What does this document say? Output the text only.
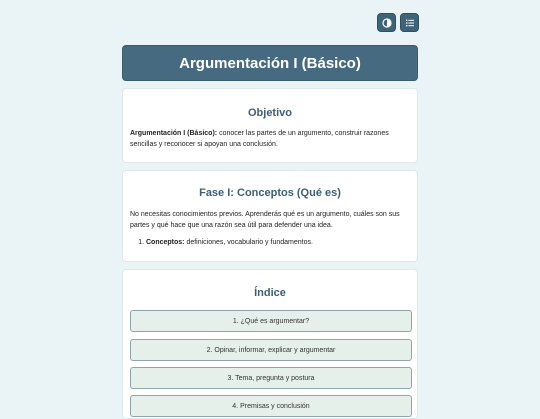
Argumentación I (Básico)
Objetivo

Argumentación I (Básico): conocer las partes de un argumento, construir razones sencillas y reconocer si apoyan una conclusión.

Fase I: Conceptos (Qué es)

No necesitas conocimientos previos. Aprenderás qué es un argumento, cuáles son sus partes y qué hace que una razón sea útil para defender una idea.

1. Conceptos: definiciones, vocabulario y fundamentos.
Índice
1. ¿Qué es argumentar?
2. Opinar, informar, explicar y argumentar
3. Tema, pregunta y postura
4. Premisas y conclusión
